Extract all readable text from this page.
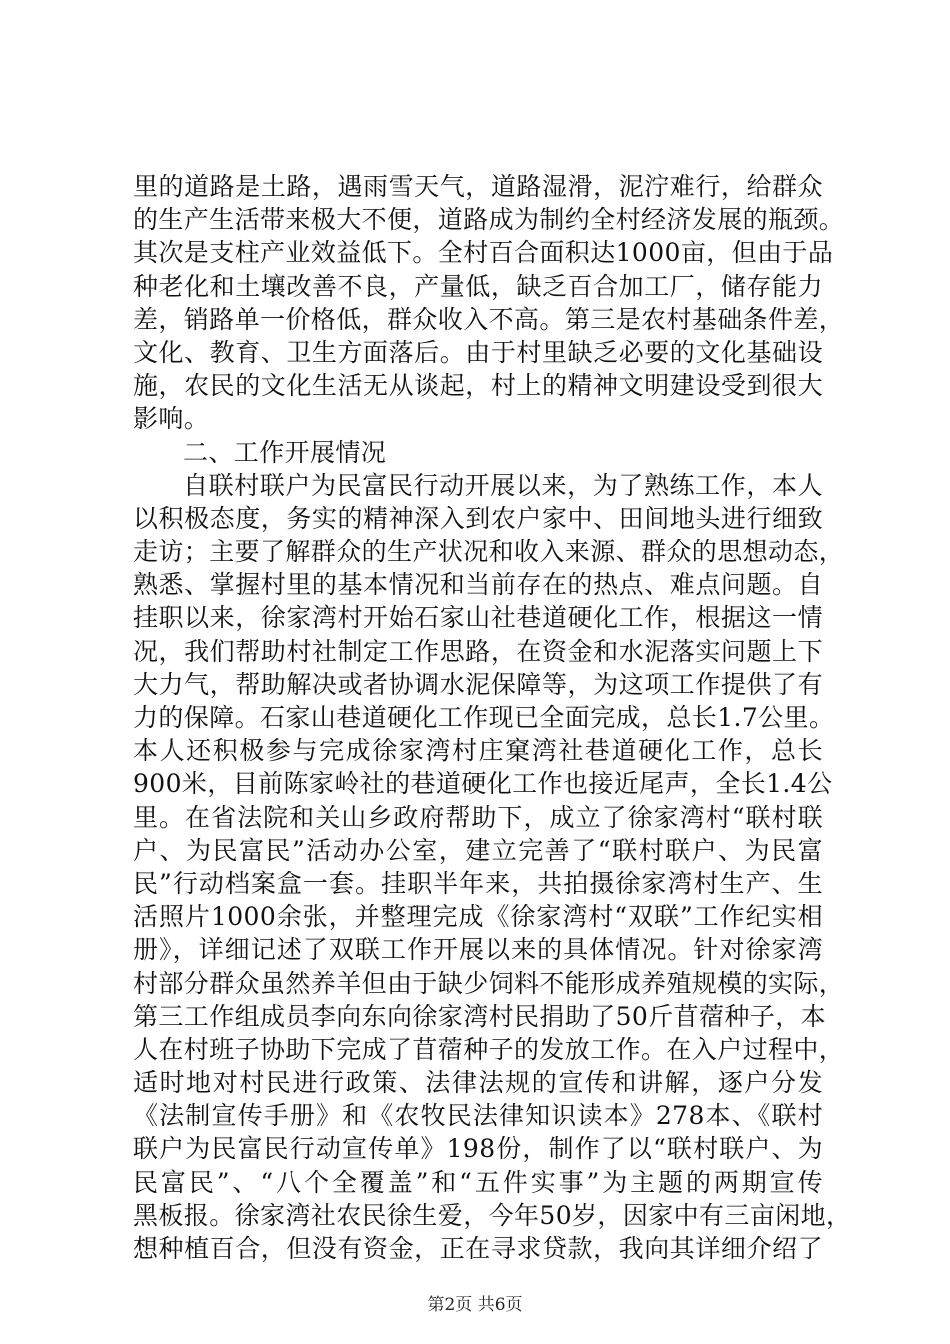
里的道路是土路，遇雨雪天气，道路湿滑，泥泞难行，给群众
的生产生活带来极大不便，道路成为制约全村经济发展的瓶颈。
其次是支柱产业效益低下。全村百合面积达1000亩，但由于品
种老化和土壤改善不良，产量低，缺乏百合加工厂，储存能力
差，销路单一价格低，群众收入不高。第三是农村基础条件差，
文化、教育、卫生方面落后。由于村里缺乏必要的文化基础设
施，农民的文化生活无从谈起，村上的精神文明建设受到很大
影响。
二、工作开展情况
自联村联户为民富民行动开展以来，为了熟练工作，本人
以积极态度，务实的精神深入到农户家中、田间地头进行细致
走访；主要了解群众的生产状况和收入来源、群众的思想动态，
熟悉、掌握村里的基本情况和当前存在的热点、难点问题。自
挂职以来，徐家湾村开始石家山社巷道硬化工作，根据这一情
况，我们帮助村社制定工作思路，在资金和水泥落实问题上下
大力气，帮助解决或者协调水泥保障等，为这项工作提供了有
力的保障。石家山巷道硬化工作现已全面完成，总长1.7公里。
本人还积极参与完成徐家湾村庄窠湾社巷道硬化工作，总长
900米，目前陈家岭社的巷道硬化工作也接近尾声，全长1.4公
里。在省法院和关山乡政府帮助下，成立了徐家湾村“联村联
户、为民富民”活动办公室，建立完善了“联村联户、为民富
民”行动档案盒一套。挂职半年来，共拍摄徐家湾村生产、生
活照片1000余张，并整理完成《徐家湾村“双联”工作纪实相
册》，详细记述了双联工作开展以来的具体情况。针对徐家湾
村部分群众虽然养羊但由于缺少饲料不能形成养殖规模的实际，
第三工作组成员李向东向徐家湾村民捐助了50斤苜蓿种子，本
人在村班子协助下完成了苜蓿种子的发放工作。在入户过程中，
适时地对村民进行政策、法律法规的宣传和讲解，逐户分发
《法制宣传手册》和《农牧民法律知识读本》278本、《联村
联户为民富民行动宣传单》198份，制作了以“联村联户、为
民富民”、“八个全覆盖”和“五件实事”为主题的两期宣传
黑板报。徐家湾社农民徐生爱，今年50岁，因家中有三亩闲地，
想种植百合，但没有资金，正在寻求贷款，我向其详细介绍了
第2页 共6页
